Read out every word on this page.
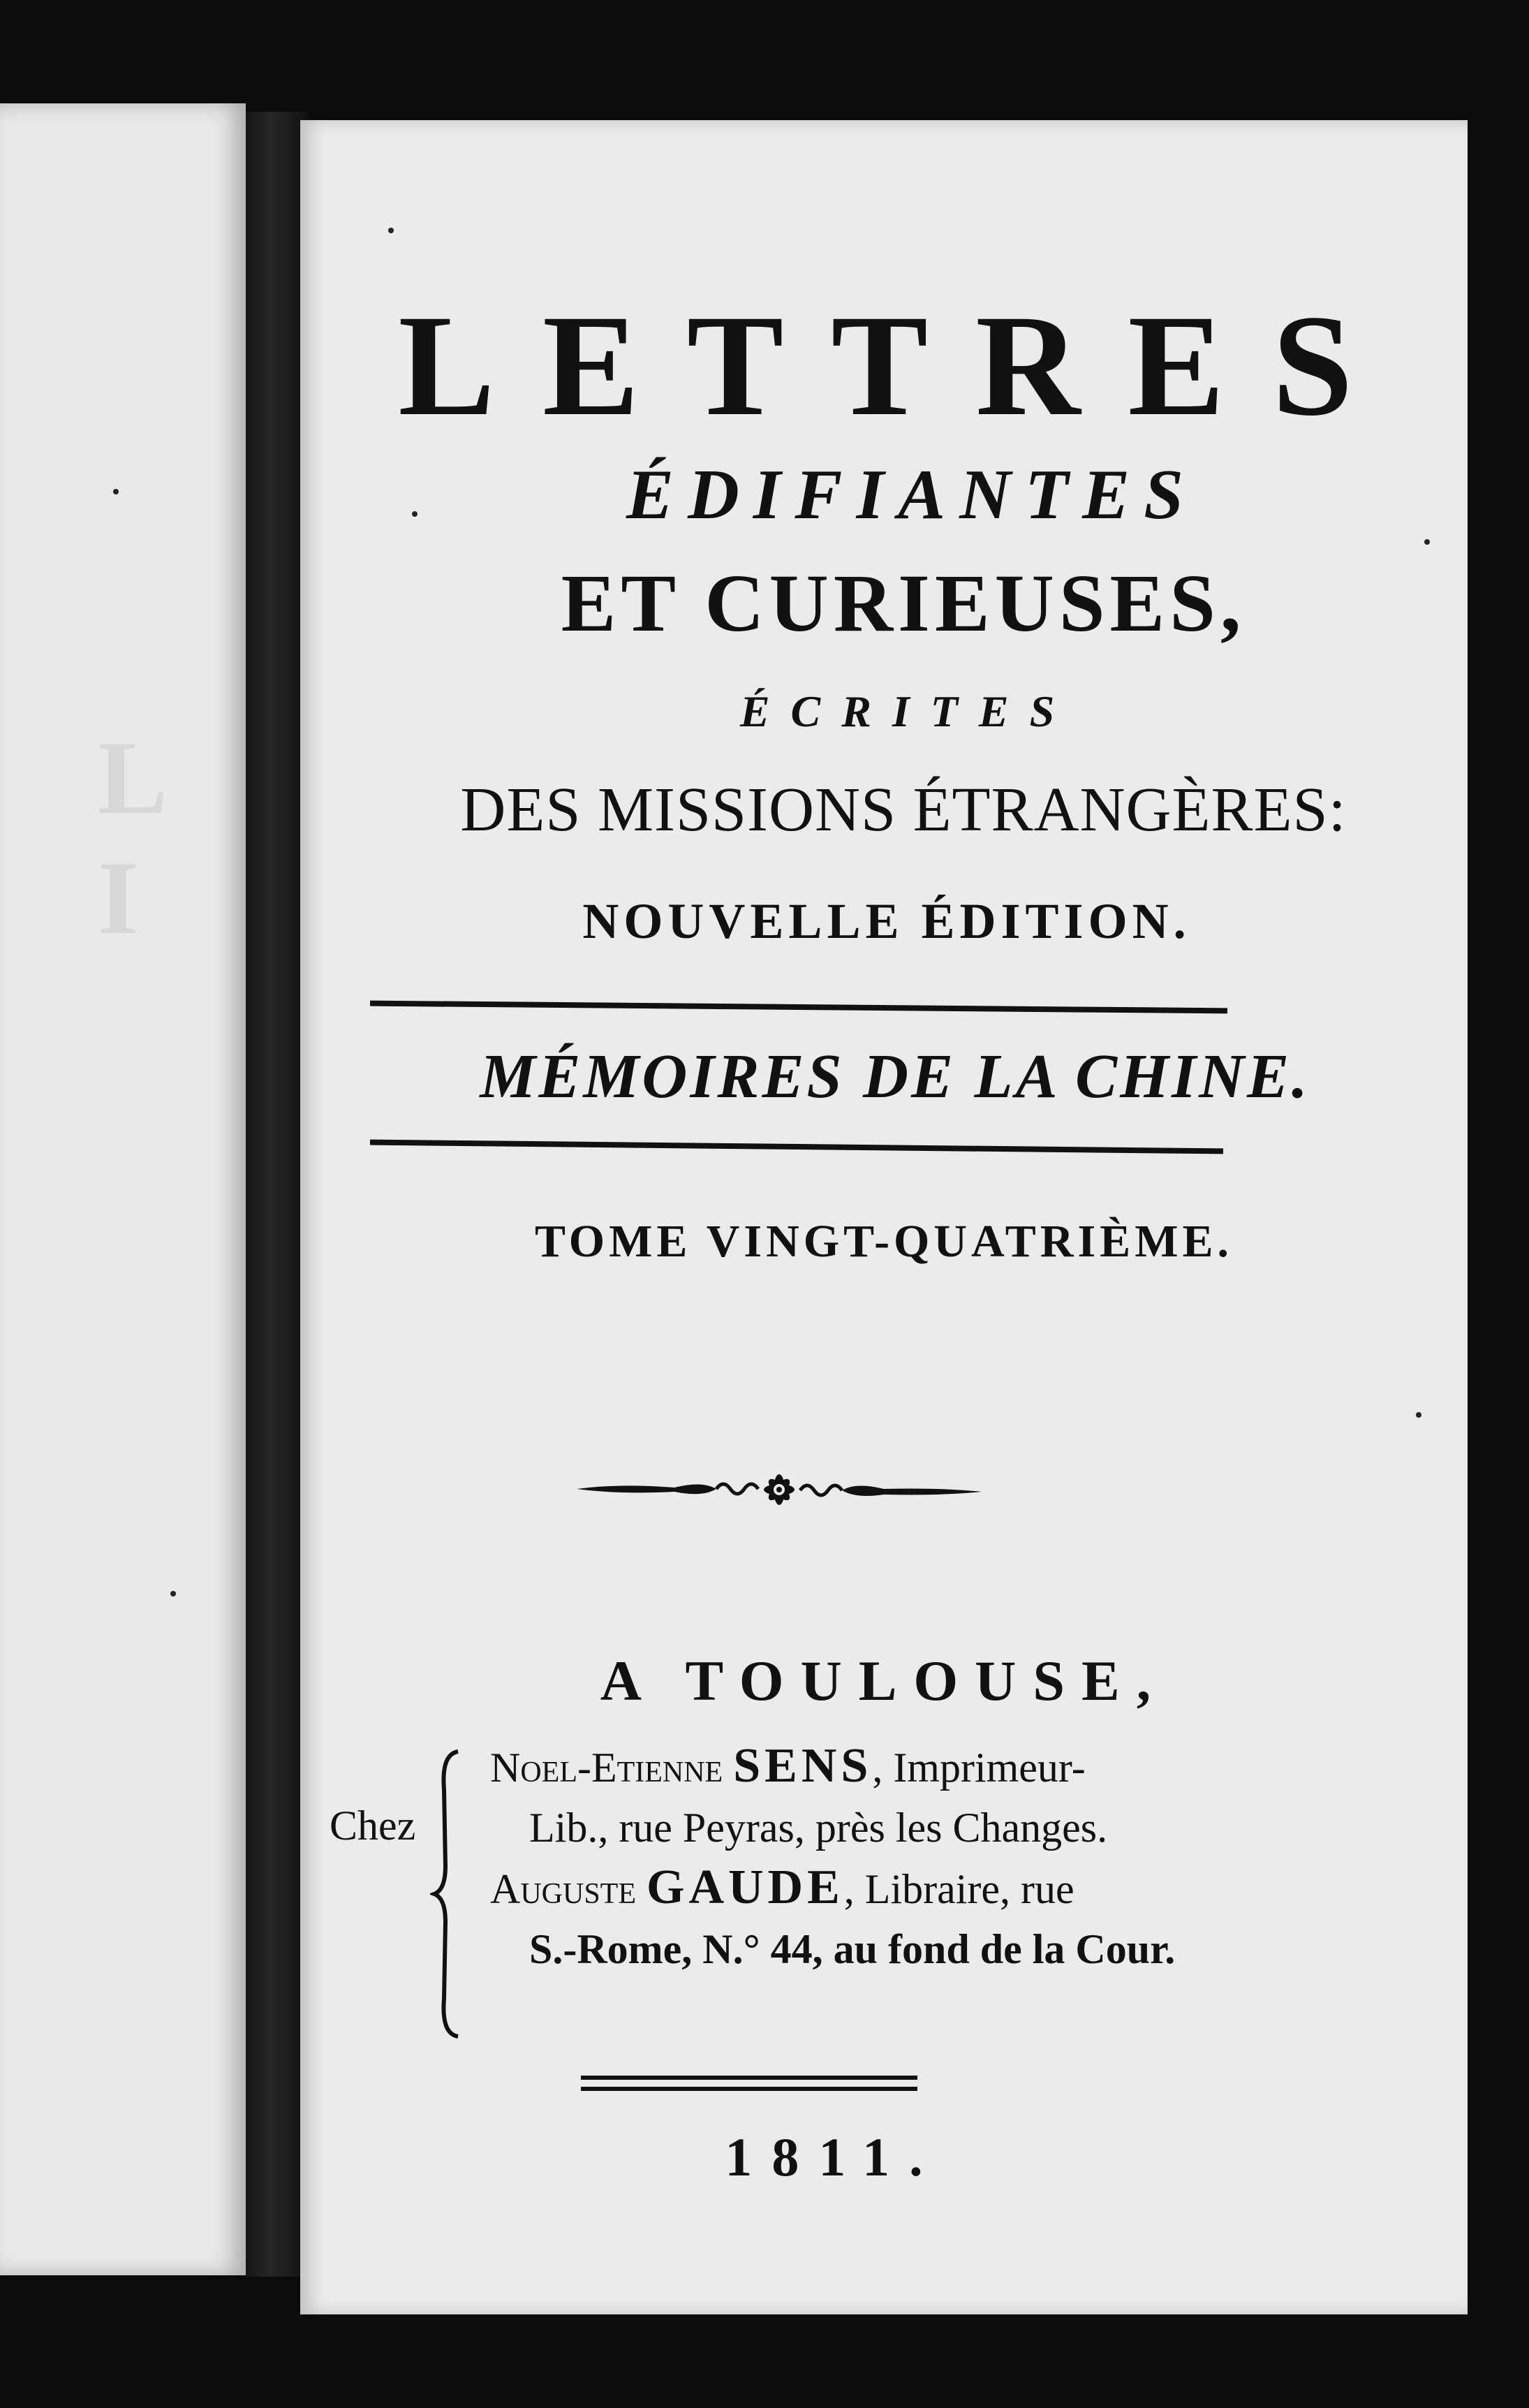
L I
LETTRES
ÉDIFIANTES
ET CURIEUSES,
ÉCRITES
DES MISSIONS ÉTRANGÈRES:
NOUVELLE ÉDITION.
MÉMOIRES DE LA CHINE.
TOME VINGT-QUATRIÈME.
A TOULOUSE,
Chez
Noel-Etienne SENS, Imprimeur-
Lib., rue Peyras, près les Changes.
Auguste GAUDE, Libraire, rue
S.-Rome, N.° 44, au fond de la Cour.
1811.
